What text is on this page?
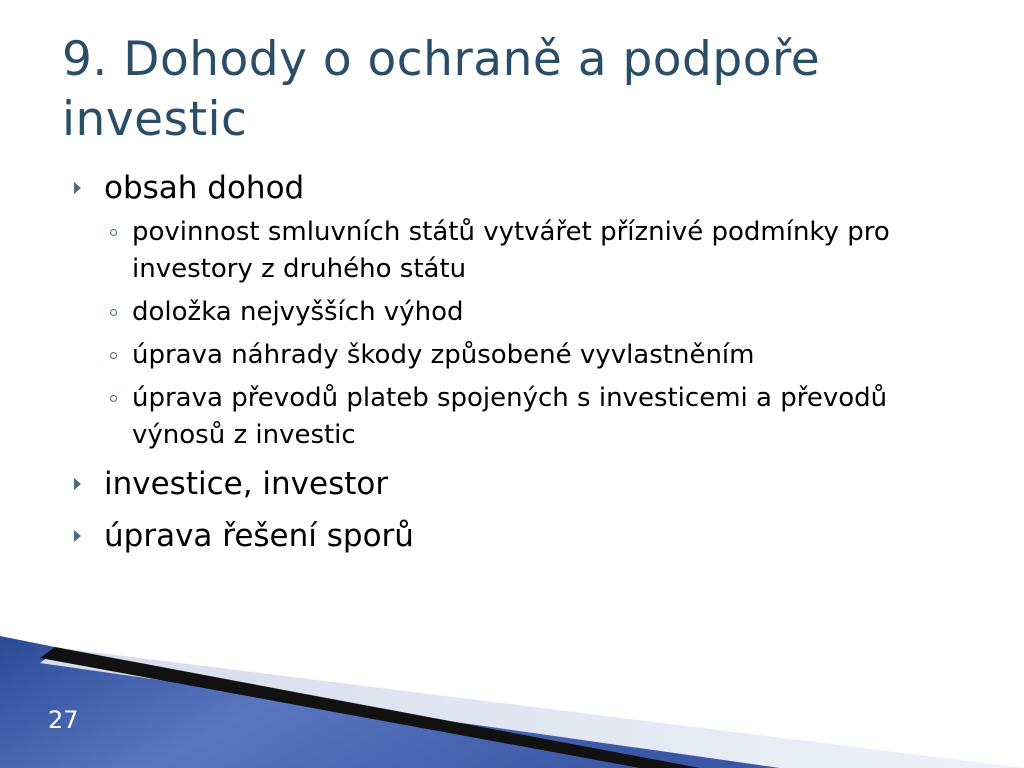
9. Dohody o ochraně a podpoře investic
obsah dohod
povinnost smluvních států vytvářet příznivé podmínky pro investory z druhého státu
doložka nejvyšších výhod
úprava náhrady škody způsobené vyvlastněním
úprava převodů plateb spojených s investicemi a převodů výnosů z investic
investice, investor
úprava řešení sporů
27
